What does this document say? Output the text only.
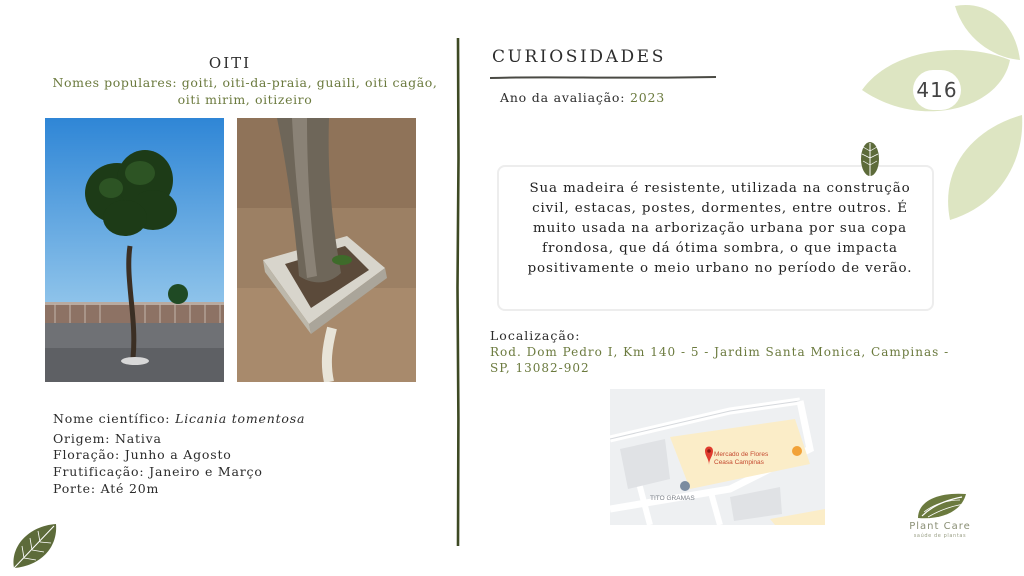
OITI
Nomes populares: goiti, oiti-da-praia, guaili, oiti cagão, oiti mirim, oitizeiro
Nome científico: Licania tomentosa
Origem: Nativa
Floração: Junho a Agosto
Frutificação: Janeiro e Março
Porte: Até 20m
CURIOSIDADES
Ano da avaliação: 2023
Sua madeira é resistente, utilizada na construção civil, estacas, postes, dormentes, entre outros. É muito usada na arborização urbana por sua copa frondosa, que dá ótima sombra, o que impacta positivamente o meio urbano no período de verão.
Localização:
Rod. Dom Pedro I, Km 140 - 5 - Jardim Santa Monica, Campinas - SP, 13082-902
Mercado de Flores
Ceasa Campinas
TITO GRAMAS
416
Plant Care
saúde de plantas
